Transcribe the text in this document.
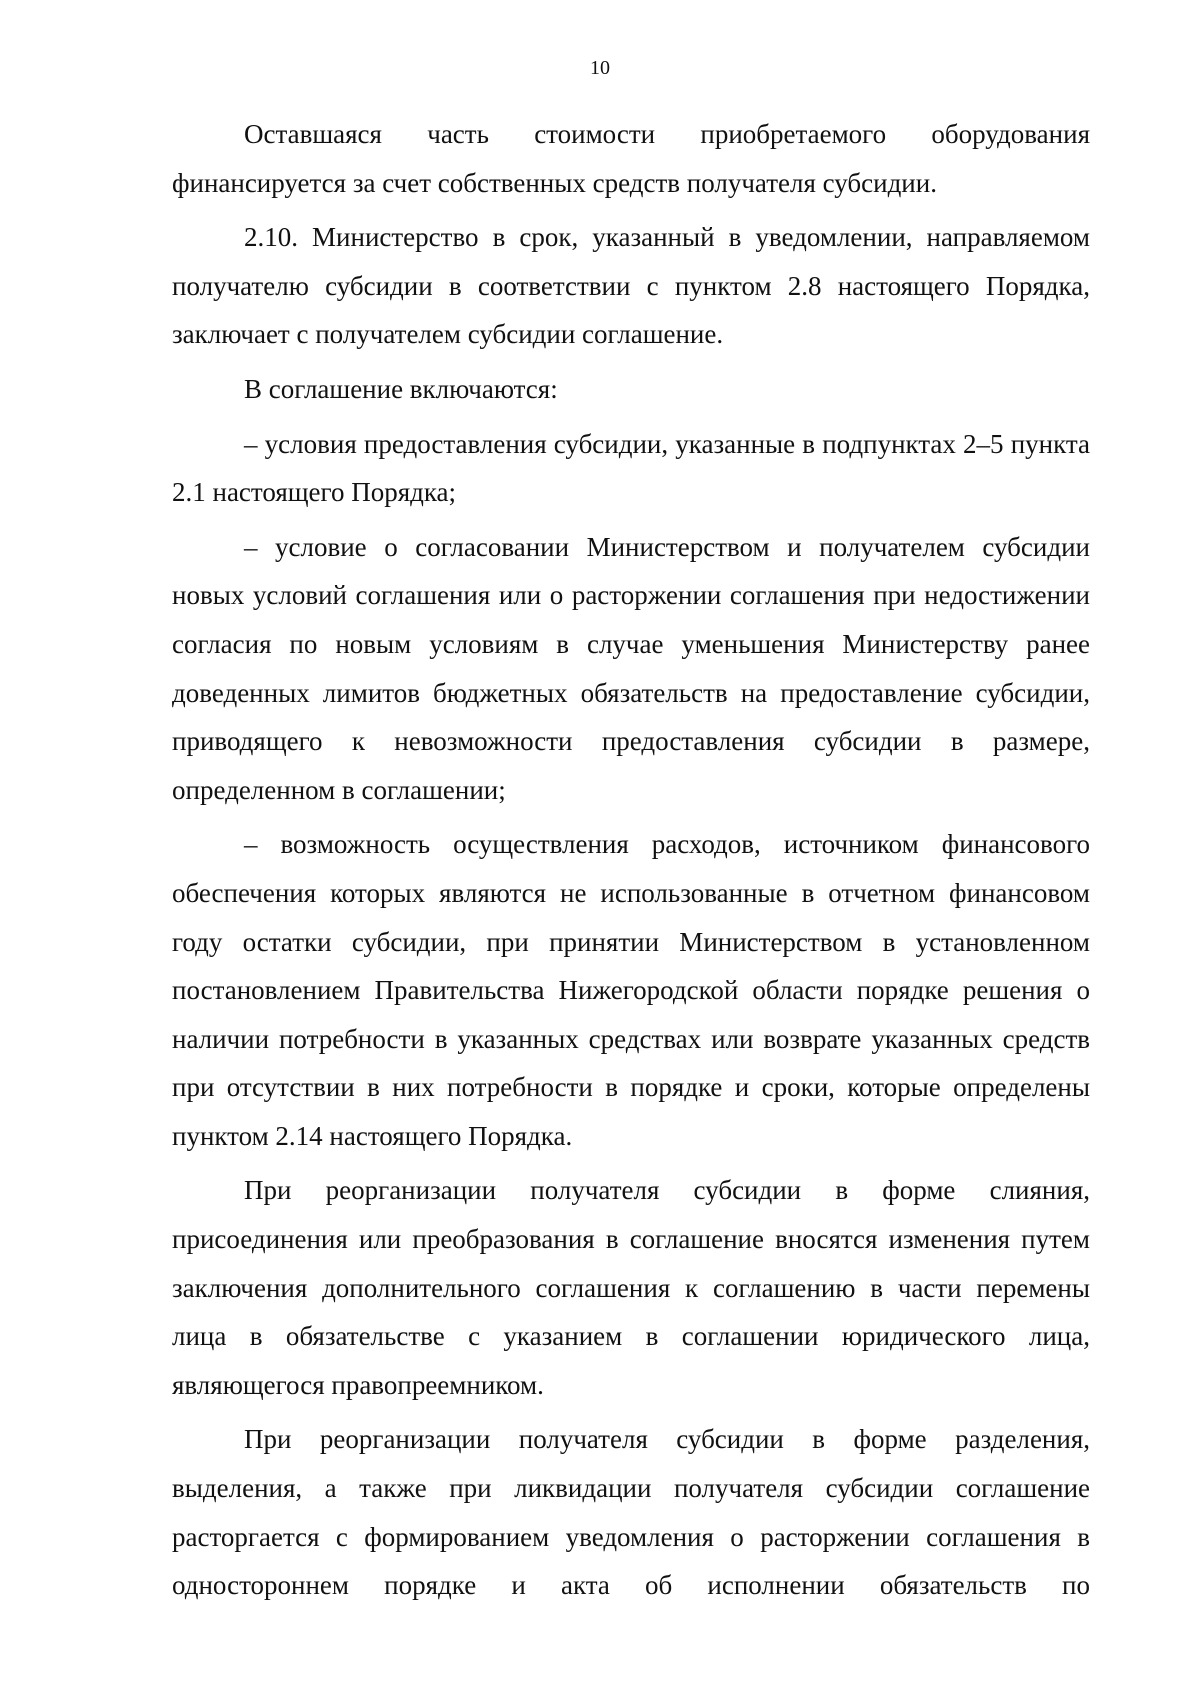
10

Оставшаяся часть стоимости приобретаемого оборудования финансируется за счет собственных средств получателя субсидии.

2.10. Министерство в срок, указанный в уведомлении, направляемом получателю субсидии в соответствии с пунктом 2.8 настоящего Порядка, заключает с получателем субсидии соглашение.

В соглашение включаются:

– условия предоставления субсидии, указанные в подпунктах 2–5 пункта 2.1 настоящего Порядка;

– условие о согласовании Министерством и получателем субсидии новых условий соглашения или о расторжении соглашения при недостижении согласия по новым условиям в случае уменьшения Министерству ранее доведенных лимитов бюджетных обязательств на предоставление субсидии, приводящего к невозможности предоставления субсидии в размере, определенном в соглашении;

– возможность осуществления расходов, источником финансового обеспечения которых являются не использованные в отчетном финансовом году остатки субсидии, при принятии Министерством в установленном постановлением Правительства Нижегородской области порядке решения о наличии потребности в указанных средствах или возврате указанных средств при отсутствии в них потребности в порядке и сроки, которые определены пунктом 2.14 настоящего Порядка.

При реорганизации получателя субсидии в форме слияния, присоединения или преобразования в соглашение вносятся изменения путем заключения дополнительного соглашения к соглашению в части перемены лица в обязательстве с указанием в соглашении юридического лица, являющегося правопреемником.

При реорганизации получателя субсидии в форме разделения, выделения, а также при ликвидации получателя субсидии соглашение расторгается с формированием уведомления о расторжении соглашения в одностороннем порядке и акта об исполнении обязательств по
